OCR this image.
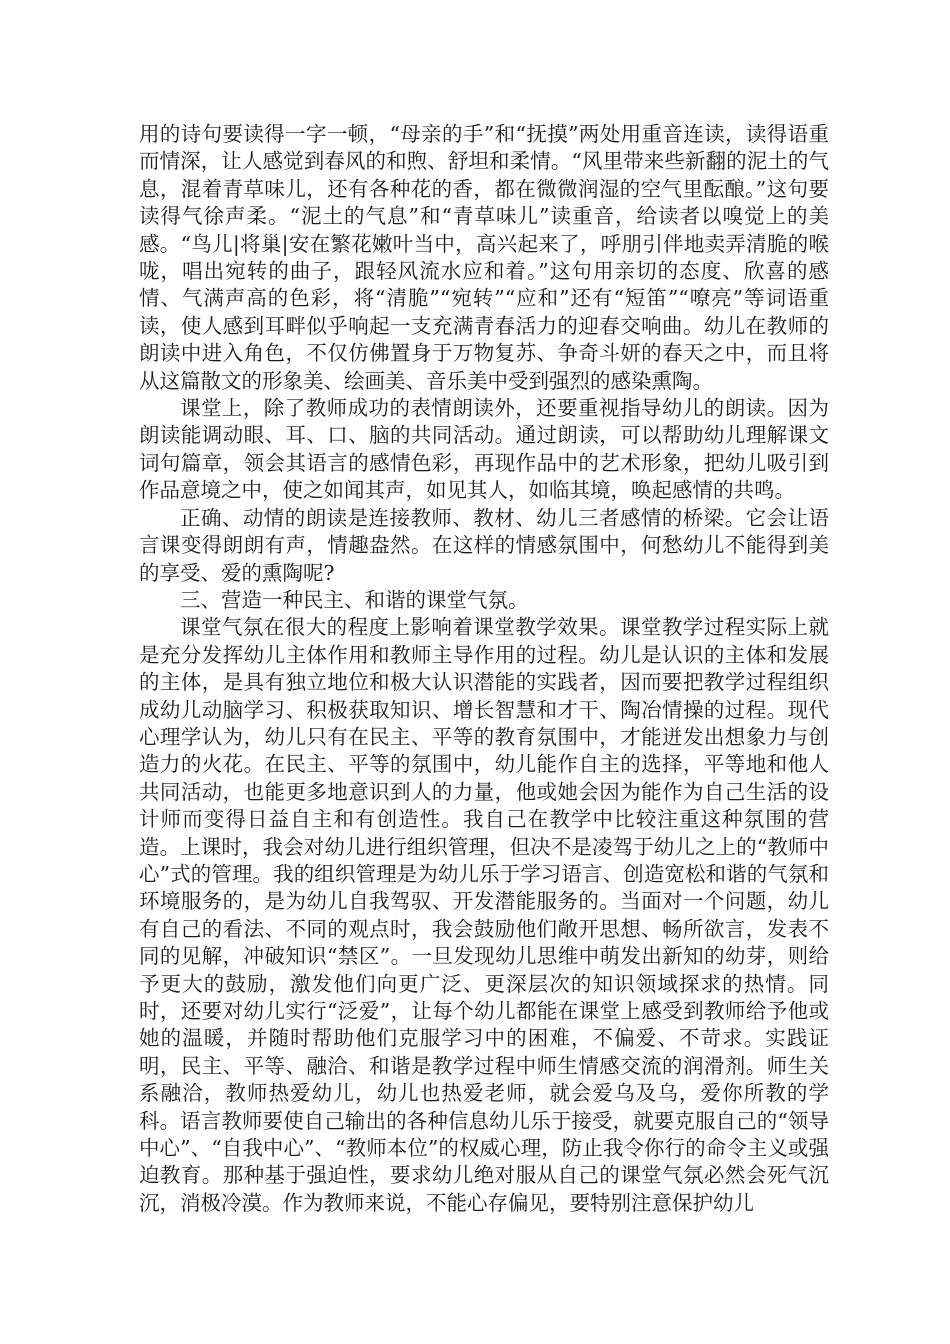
用的诗句要读得一字一顿，“母亲的手”和“抚摸”两处用重音连读，读得语重而情深，让人感觉到春风的和煦、舒坦和柔情。“风里带来些新翻的泥土的气息，混着青草味儿，还有各种花的香，都在微微润湿的空气里酝酿。”这句要读得气徐声柔。“泥土的气息”和“青草味儿”读重音，给读者以嗅觉上的美感。“鸟儿|将巢|安在繁花嫩叶当中，高兴起来了，呼朋引伴地卖弄清脆的喉咙，唱出宛转的曲子，跟轻风流水应和着。”这句用亲切的态度、欣喜的感情、气满声高的色彩，将“清脆”“宛转”“应和”还有“短笛”“嘹亮”等词语重读，使人感到耳畔似乎响起一支充满青春活力的迎春交响曲。幼儿在教师的朗读中进入角色，不仅仿佛置身于万物复苏、争奇斗妍的春天之中，而且将从这篇散文的形象美、绘画美、音乐美中受到强烈的感染熏陶。

课堂上，除了教师成功的表情朗读外，还要重视指导幼儿的朗读。因为朗读能调动眼、耳、口、脑的共同活动。通过朗读，可以帮助幼儿理解课文词句篇章，领会其语言的感情色彩，再现作品中的艺术形象，把幼儿吸引到作品意境之中，使之如闻其声，如见其人，如临其境，唤起感情的共鸣。

正确、动情的朗读是连接教师、教材、幼儿三者感情的桥梁。它会让语言课变得朗朗有声，情趣盎然。在这样的情感氛围中，何愁幼儿不能得到美的享受、爱的熏陶呢?

三、营造一种民主、和谐的课堂气氛。

课堂气氛在很大的程度上影响着课堂教学效果。课堂教学过程实际上就是充分发挥幼儿主体作用和教师主导作用的过程。幼儿是认识的主体和发展的主体，是具有独立地位和极大认识潜能的实践者，因而要把教学过程组织成幼儿动脑学习、积极获取知识、增长智慧和才干、陶冶情操的过程。现代心理学认为，幼儿只有在民主、平等的教育氛围中，才能迸发出想象力与创造力的火花。在民主、平等的氛围中，幼儿能作自主的选择，平等地和他人共同活动，也能更多地意识到人的力量，他或她会因为能作为自己生活的设计师而变得日益自主和有创造性。我自己在教学中比较注重这种氛围的营造。上课时，我会对幼儿进行组织管理，但决不是凌驾于幼儿之上的“教师中心”式的管理。我的组织管理是为幼儿乐于学习语言、创造宽松和谐的气氛和环境服务的，是为幼儿自我驾驭、开发潜能服务的。当面对一个问题，幼儿有自己的看法、不同的观点时，我会鼓励他们敞开思想、畅所欲言，发表不同的见解，冲破知识“禁区”。一旦发现幼儿思维中萌发出新知的幼芽，则给予更大的鼓励，激发他们向更广泛、更深层次的知识领域探求的热情。同时，还要对幼儿实行“泛爱”，让每个幼儿都能在课堂上感受到教师给予他或她的温暖，并随时帮助他们克服学习中的困难，不偏爱、不苛求。实践证明，民主、平等、融洽、和谐是教学过程中师生情感交流的润滑剂。师生关系融洽，教师热爱幼儿，幼儿也热爱老师，就会爱乌及乌，爱你所教的学科。语言教师要使自己输出的各种信息幼儿乐于接受，就要克服自己的“领导中心”、“自我中心”、“教师本位”的权威心理，防止我令你行的命令主义或强迫教育。那种基于强迫性，要求幼儿绝对服从自己的课堂气氛必然会死气沉沉，消极冷漠。作为教师来说，不能心存偏见，要特别注意保护幼儿
